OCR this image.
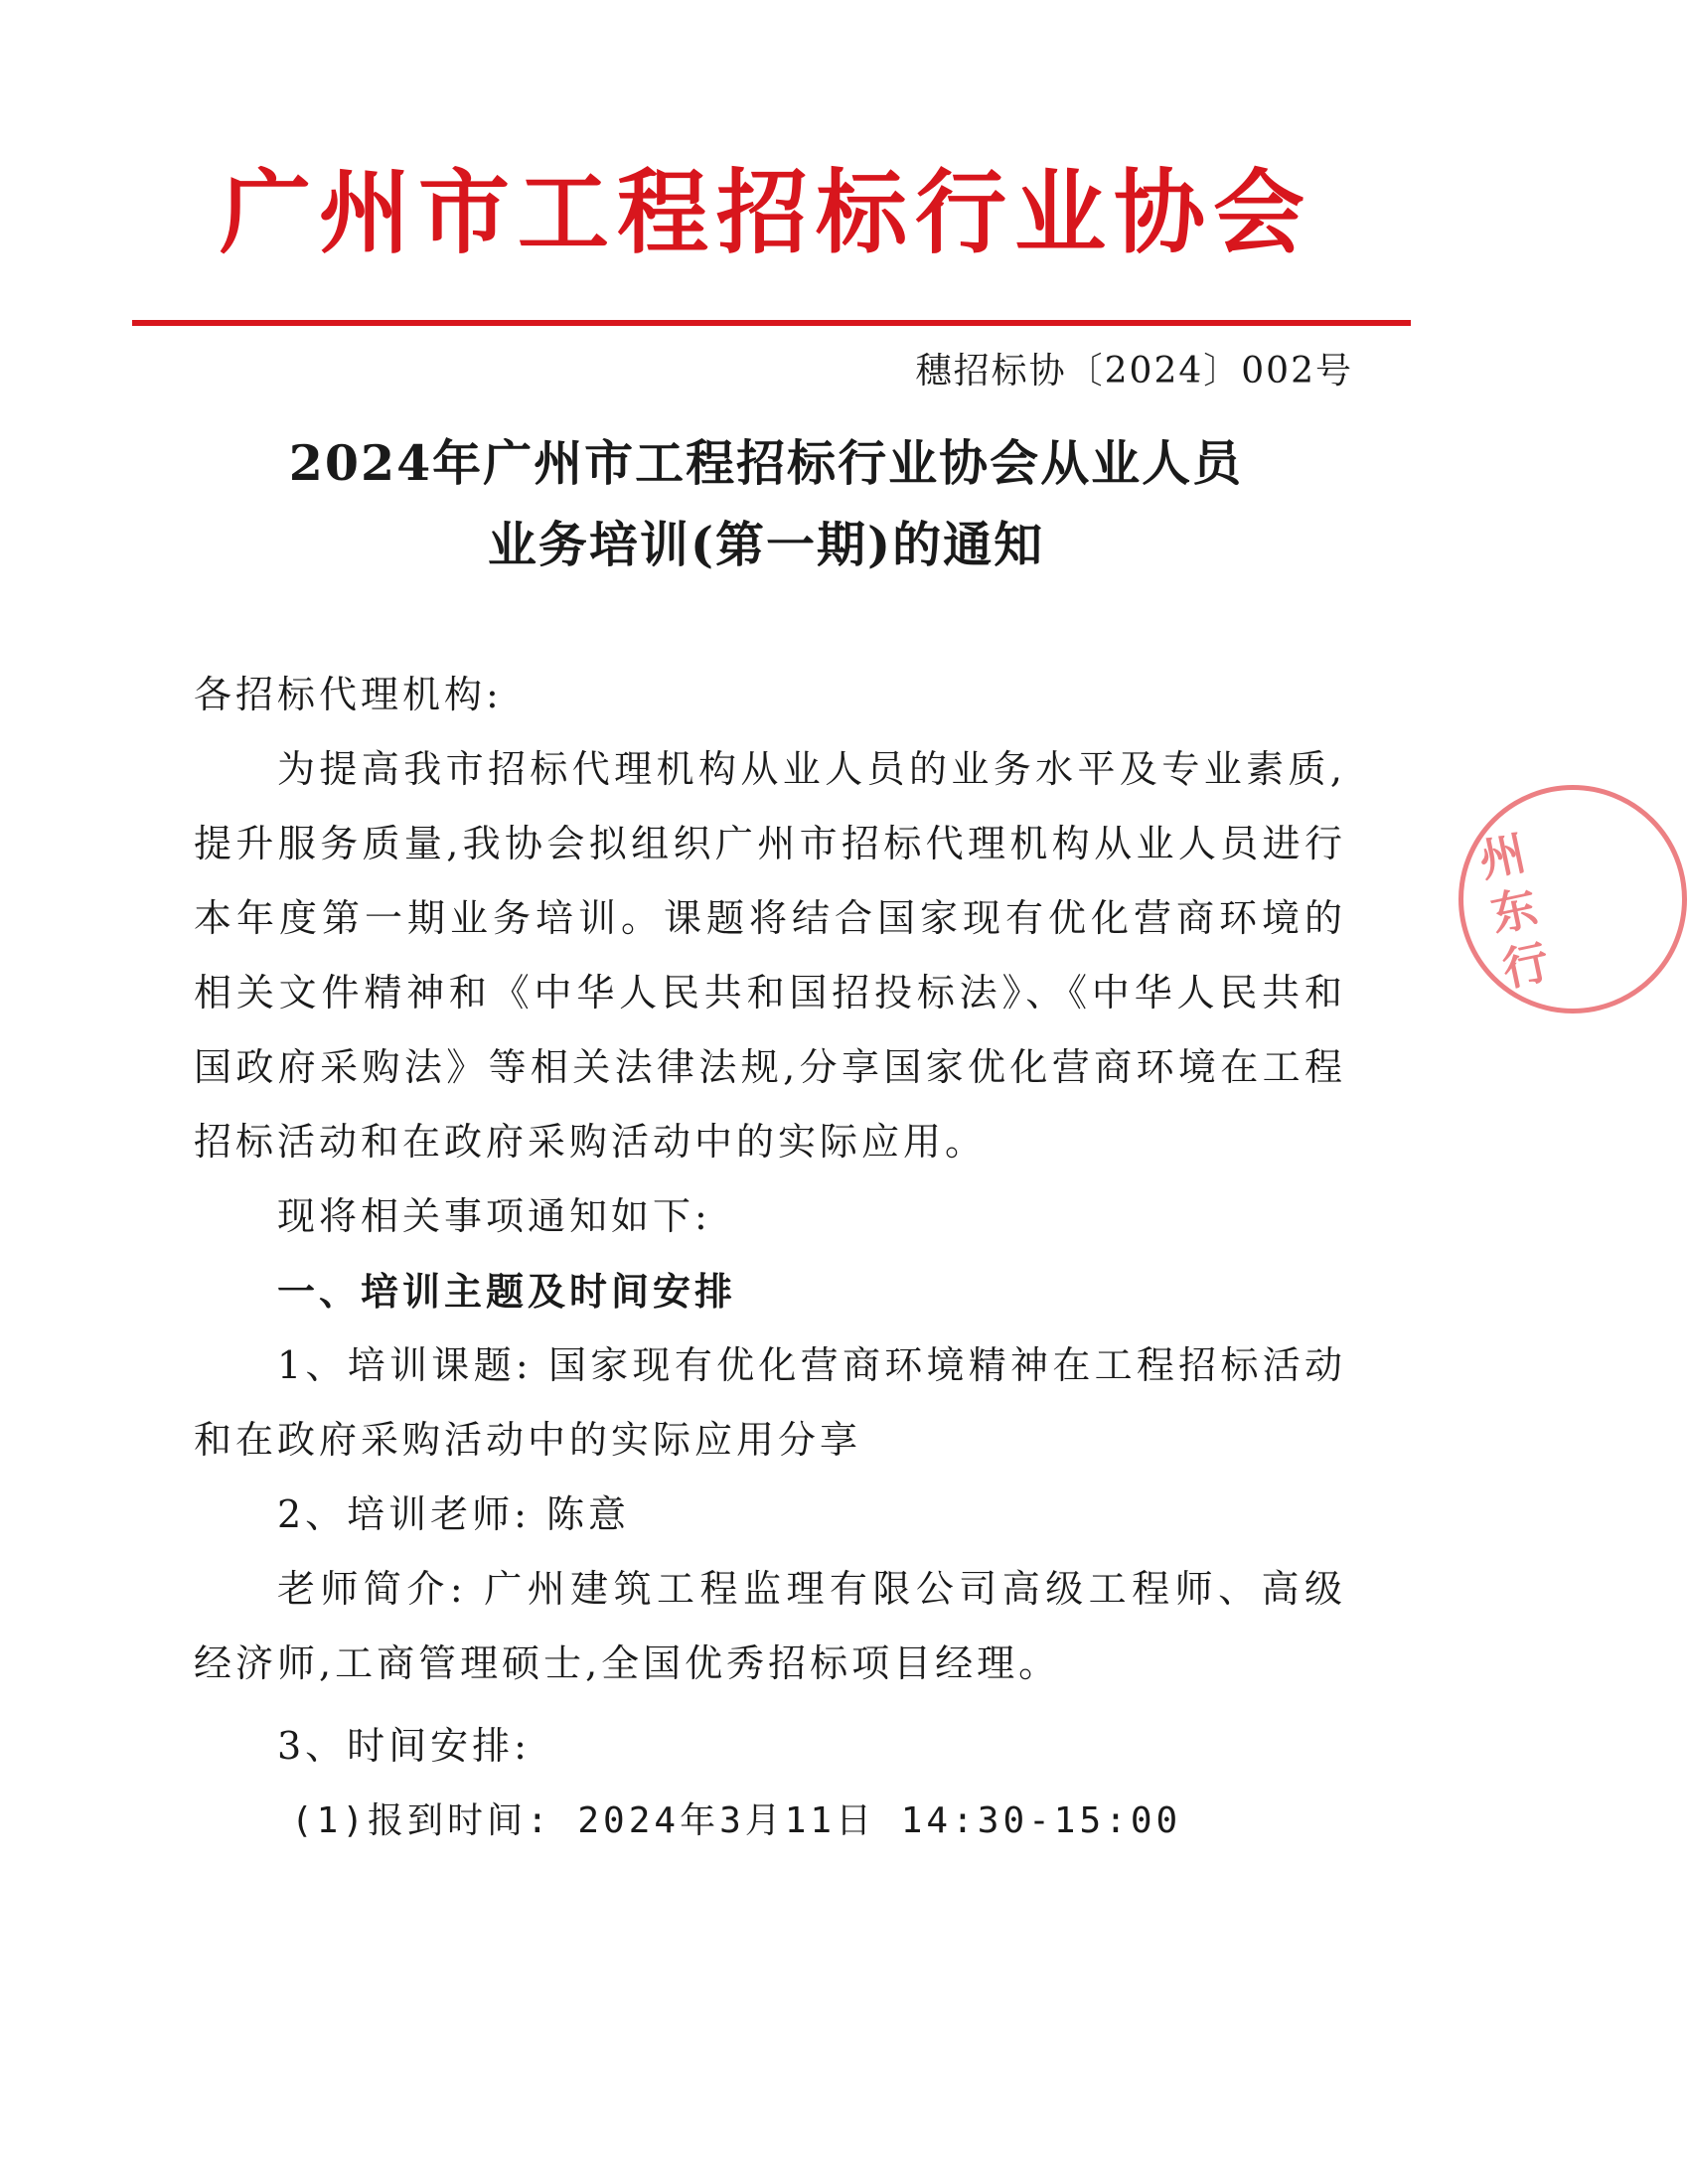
广州市工程招标行业协会
穗招标协〔2024〕002号
2024年广州市工程招标行业协会从业人员
业务培训(第一期)的通知

各招标代理机构:

为提高我市招标代理机构从业人员的业务水平及专业素质,提升服务质量,我协会拟组织广州市招标代理机构从业人员进行本年度第一期业务培训。课题将结合国家现有优化营商环境的相关文件精神和《中华人民共和国招投标法》、《中华人民共和国政府采购法》等相关法律法规,分享国家优化营商环境在工程招标活动和在政府采购活动中的实际应用。

现将相关事项通知如下:

一、培训主题及时间安排

1、培训课题: 国家现有优化营商环境精神在工程招标活动和在政府采购活动中的实际应用分享

2、培训老师: 陈意

老师简介: 广州建筑工程监理有限公司高级工程师、高级经济师,工商管理硕士,全国优秀招标项目经理。

3、时间安排:

(1)报到时间: 2024年3月11日 14:30-15:00

州
东
行
